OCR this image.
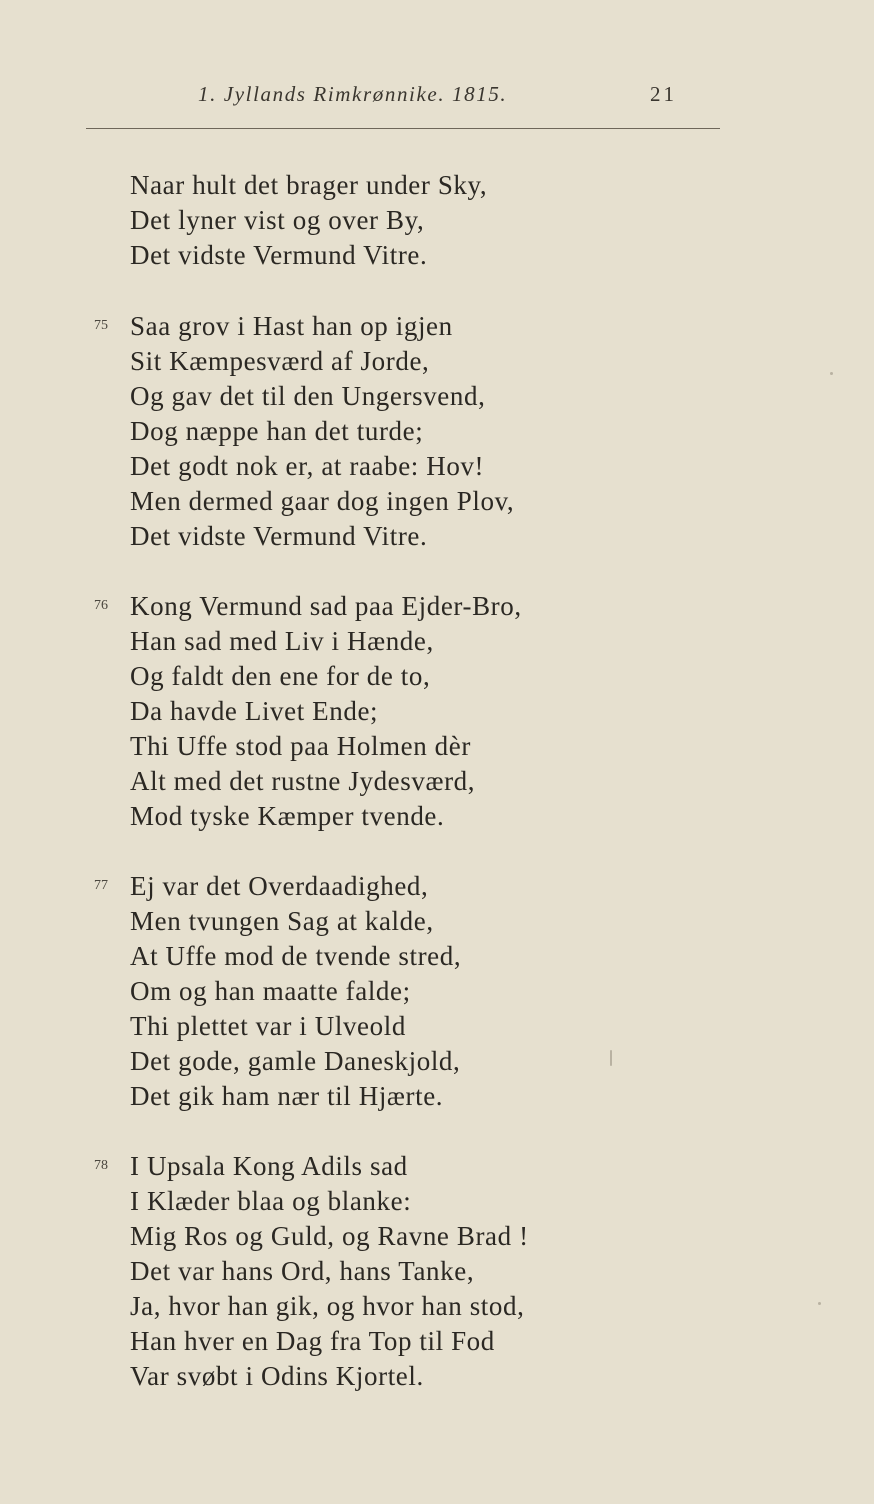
1. Jyllands Rimkrønnike. 1815.	21
Naar hult det brager under Sky,
Det lyner vist og over By,
Det vidste Vermund Vitre.
75 Saa grov i Hast han op igjen
Sit Kæmpesværd af Jorde,
Og gav det til den Ungersvend,
Dog næppe han det turde;
Det godt nok er, at raabe: Hov!
Men dermed gaar dog ingen Plov,
Det vidste Vermund Vitre.
76 Kong Vermund sad paa Ejder-Bro,
Han sad med Liv i Hænde,
Og faldt den ene for de to,
Da havde Livet Ende;
Thi Uffe stod paa Holmen dèr
Alt med det rustne Jydesværd,
Mod tyske Kæmper tvende.
77 Ej var det Overdaadighed,
Men tvungen Sag at kalde,
At Uffe mod de tvende stred,
Om og han maatte falde;
Thi plettet var i Ulveold
Det gode, gamle Daneskjold,
Det gik ham nær til Hjærte.
78 I Upsala Kong Adils sad
I Klæder blaa og blanke:
Mig Ros og Guld, og Ravne Brad !
Det var hans Ord, hans Tanke,
Ja, hvor han gik, og hvor han stod,
Han hver en Dag fra Top til Fod
Var svøbt i Odins Kjortel.
